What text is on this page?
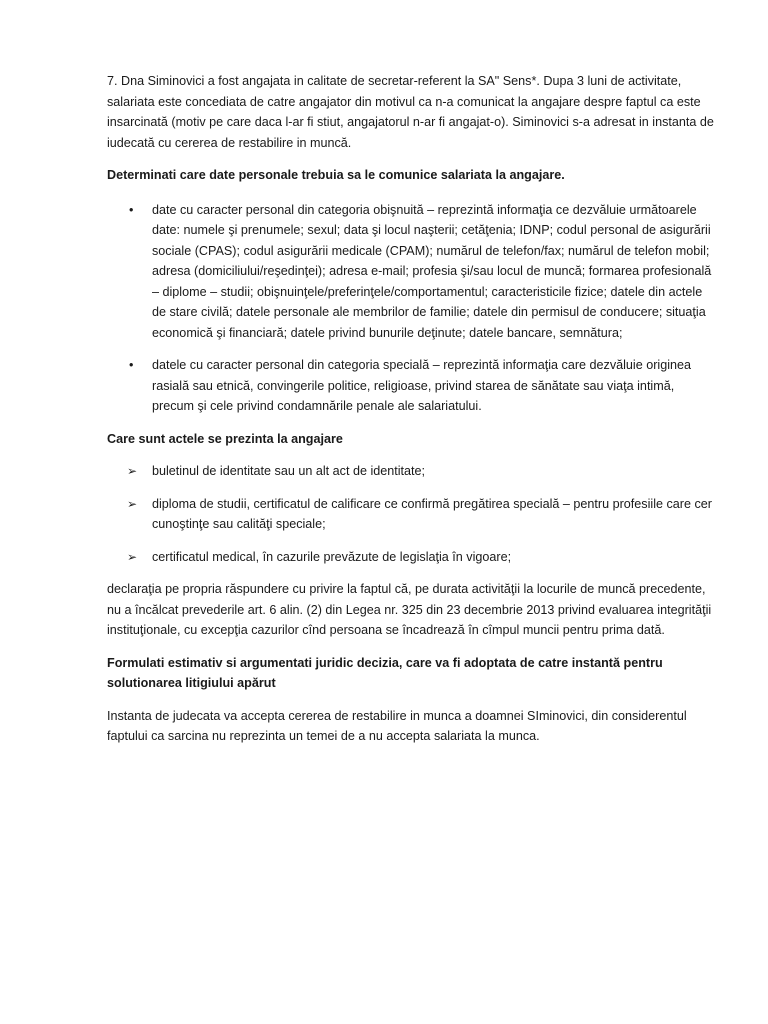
7. Dna Siminovici a fost angajata in calitate de secretar-referent la SA" Sens*. Dupa 3 luni de activitate, salariata este concediata de catre angajator din motivul ca n-a comunicat la angajare despre faptul ca este insarcinată (motiv pe care daca l-ar fi stiut, angajatorul n-ar fi angajat-o). Siminovici s-a adresat in instanta de iudecată cu cererea de restabilire in muncă.

Determinati care date personale trebuia sa le comunice salariata la angajare.

• date cu caracter personal din categoria obişnuită – reprezintă informaţia ce dezvăluie următoarele date: numele şi prenumele; sexul; data şi locul naşterii; cetăţenia; IDNP; codul personal de asigurării sociale (CPAS); codul asigurării medicale (CPAM); numărul de telefon/fax; numărul de telefon mobil; adresa (domiciliului/reşedinţei); adresa e-mail; profesia şi/sau locul de muncă; formarea profesională – diplome – studii; obişnuinţele/preferinţele/comportamentul; caracteristicile fizice; datele din actele de stare civilă; datele personale ale membrilor de familie; datele din permisul de conducere; situaţia economică şi financiară; datele privind bunurile deţinute; datele bancare, semnătura;
• datele cu caracter personal din categoria specială – reprezintă informaţia care dezvăluie originea rasială sau etnică, convingerile politice, religioase, privind starea de sănătate sau viaţa intimă, precum şi cele privind condamnările penale ale salariatului.

Care sunt actele se prezinta la angajare

➢ buletinul de identitate sau un alt act de identitate;
➢ diploma de studii, certificatul de calificare ce confirmă pregătirea specială – pentru profesiile care cer cunoştinţe sau calităţi speciale;
➢ certificatul medical, în cazurile prevăzute de legislaţia în vigoare;

declaraţia pe propria răspundere cu privire la faptul că, pe durata activităţii la locurile de muncă precedente, nu a încălcat prevederile art. 6 alin. (2) din Legea nr. 325 din 23 decembrie 2013 privind evaluarea integrităţii instituţionale, cu excepţia cazurilor cînd persoana se încadrează în cîmpul muncii pentru prima dată.

Formulati estimativ si argumentati juridic decizia, care va fi adoptata de catre instantă pentru solutionarea litigiului apărut

Instanta de judecata va accepta cererea de restabilire in munca a doamnei SIminovici, din considerentul faptului ca sarcina nu reprezinta un temei de a nu accepta salariata la munca.
